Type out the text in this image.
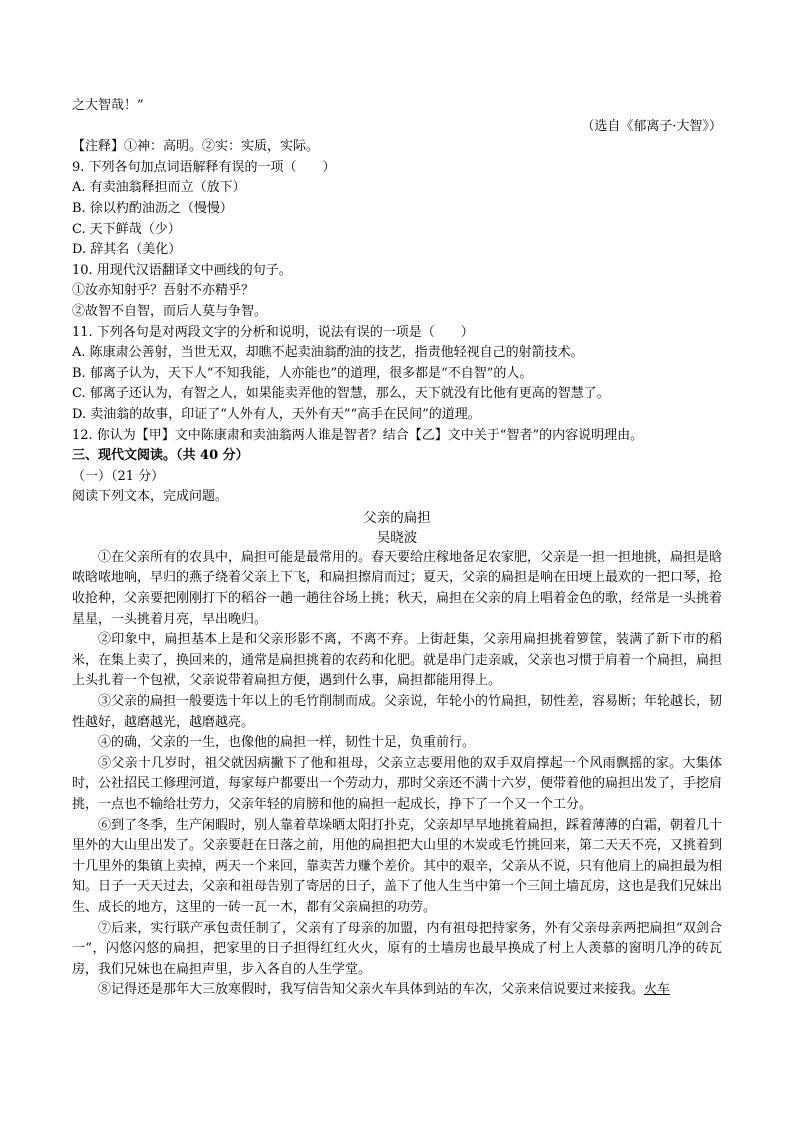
之大智哉！”
（选自《郁离子·大智》）
【注释】①神：高明。②实：实质，实际。
9. 下列各句加点词语解释有误的一项（　　）
A. 有卖油翁释担而立（放下）
B. 徐以杓酌油沥之（慢慢）
C. 天下鲜哉（少）
D. 辞其名（美化）
10. 用现代汉语翻译文中画线的句子。
①汝亦知射乎？吾射不亦精乎？
②故智不自智，而后人莫与争智。
11. 下列各句是对两段文字的分析和说明，说法有误的一项是（　　）
A. 陈康肃公善射，当世无双，却瞧不起卖油翁酌油的技艺，指责他轻视自己的射箭技术。
B. 郁离子认为，天下人“不知我能，人亦能也”的道理，很多都是“不自智”的人。
C. 郁离子还认为，有智之人，如果能卖弄他的智慧，那么，天下就没有比他有更高的智慧了。
D. 卖油翁的故事，印证了“人外有人，天外有天”“高手在民间”的道理。
12. 你认为【甲】文中陈康肃和卖油翁两人谁是智者？结合【乙】文中关于“智者”的内容说明理由。
三、现代文阅读。（共 40 分）
（一）（21 分）
阅读下列文本，完成问题。
父亲的扁担
吴晓波

①在父亲所有的农具中，扁担可能是最常用的。春天要给庄稼地备足农家肥，父亲是一担一担地挑，扁担是晗哝晗哝地响，早归的燕子绕着父亲上下飞，和扁担擦肩而过；夏天，父亲的扁担是响在田埂上最欢的一把口琴，抢收抢种，父亲要把刚刚打下的稻谷一趟一趟往谷场上挑；秋天，扁担在父亲的肩上唱着金色的歌，经常是一头挑着星星，一头挑着月亮，早出晚归。

②印象中，扁担基本上是和父亲形影不离，不离不弃。上街赶集，父亲用扁担挑着箩筐，装满了新下市的稻米，在集上卖了，换回来的，通常是扁担挑着的农药和化肥。就是串门走亲戚，父亲也习惯于肩着一个扁担，扁担上头扎着一个包袱，父亲说带着扁担方便，遇到什么事，扁担都能用得上。

③父亲的扁担一般要选十年以上的毛竹削制而成。父亲说，年轮小的竹扁担，韧性差，容易断；年轮越长，韧性越好，越磨越光，越磨越亮。

④的确，父亲的一生，也像他的扁担一样，韧性十足，负重前行。

⑤父亲十几岁时，祖父就因病撇下了他和祖母，父亲立志要用他的双手双肩撑起一个风雨飘摇的家。大集体时，公社招民工修理河道，每家每户都要出一个劳动力，那时父亲还不满十六岁，便带着他的扁担出发了，手挖肩挑，一点也不输给壮劳力，父亲年轻的肩膀和他的扁担一起成长，挣下了一个又一个工分。

⑥到了冬季，生产闲暇时，别人靠着草垛晒太阳打扑克，父亲却早早地挑着扁担，踩着薄薄的白霜，朝着几十里外的大山里出发了。父亲要赶在日落之前，用他的扁担把大山里的木炭或毛竹挑回来，第二天天不亮，又挑着到十几里外的集镇上卖掉，两天一个来回，靠卖苦力赚个差价。其中的艰辛，父亲从不说，只有他肩上的扁担最为相知。日子一天天过去，父亲和祖母告别了寄居的日子，盖下了他人生当中第一个三间土墙瓦房，这也是我们兄妹出生、成长的地方，这里的一砖一瓦一木，都有父亲扁担的功劳。

⑦后来，实行联产承包责任制了，父亲有了母亲的加盟，内有祖母把持家务，外有父亲母亲两把扁担“双剑合一”，闪悠闪悠的扁担，把家里的日子担得红红火火，原有的土墙房也最早换成了村上人羡慕的窗明几净的砖瓦房，我们兄妹也在扁担声里，步入各自的人生学堂。

⑧记得还是那年大三放寒假时，我写信告知父亲火车具体到站的车次，父亲来信说要过来接我。火车
